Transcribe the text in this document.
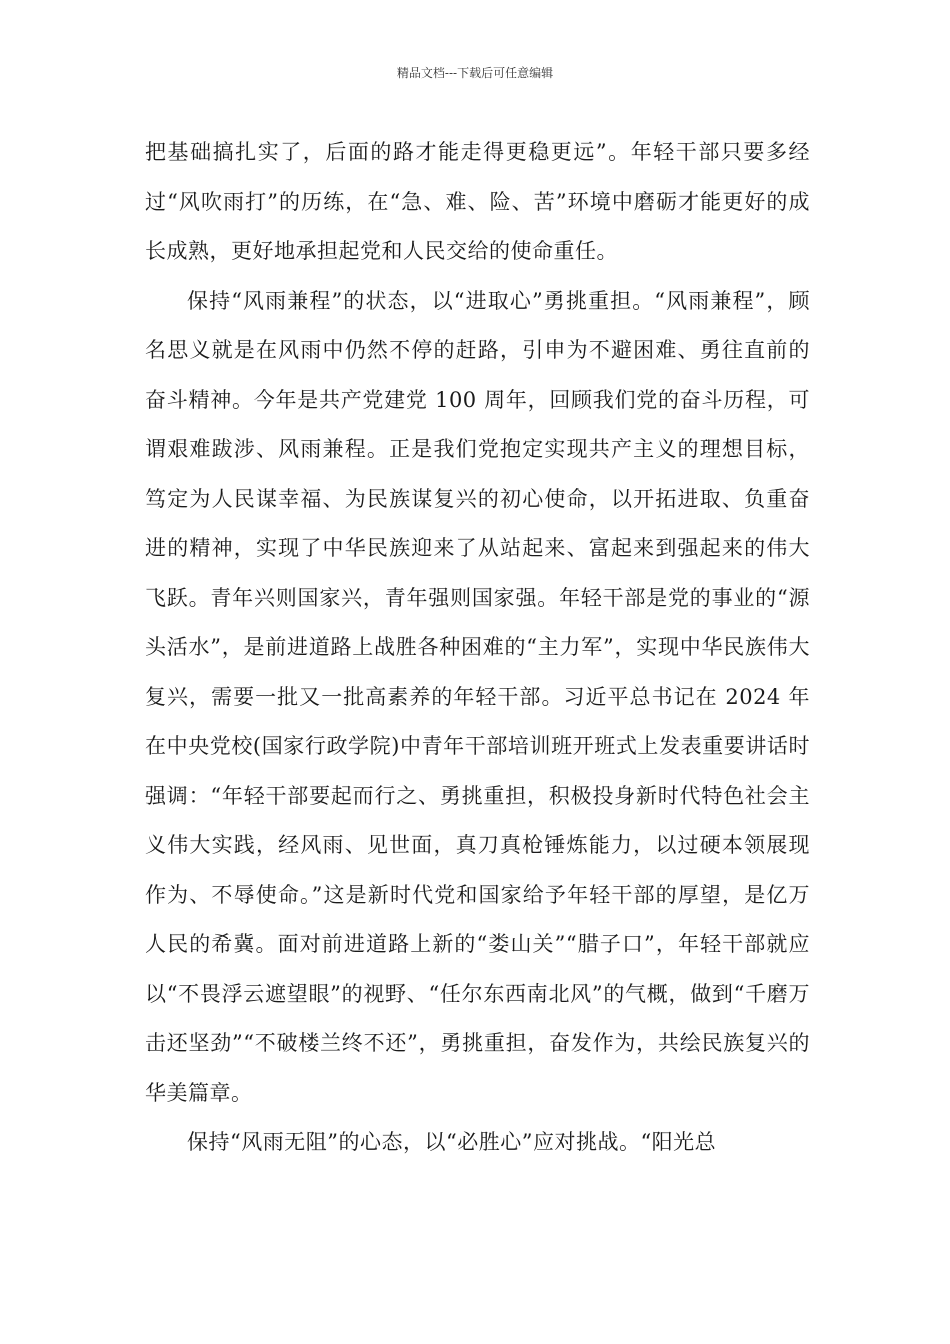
精品文档---下载后可任意编辑

把基础搞扎实了，后面的路才能走得更稳更远”。年轻干部只要多经过“风吹雨打”的历练，在“急、难、险、苦”环境中磨砺才能更好的成长成熟，更好地承担起党和人民交给的使命重任。

保持“风雨兼程”的状态，以“进取心”勇挑重担。“风雨兼程”，顾名思义就是在风雨中仍然不停的赶路，引申为不避困难、勇往直前的奋斗精神。今年是共产党建党 100 周年，回顾我们党的奋斗历程，可谓艰难跋涉、风雨兼程。正是我们党抱定实现共产主义的理想目标，笃定为人民谋幸福、为民族谋复兴的初心使命，以开拓进取、负重奋进的精神，实现了中华民族迎来了从站起来、富起来到强起来的伟大飞跃。青年兴则国家兴，青年强则国家强。年轻干部是党的事业的“源头活水”，是前进道路上战胜各种困难的“主力军”，实现中华民族伟大复兴，需要一批又一批高素养的年轻干部。习近平总书记在 2024 年在中央党校(国家行政学院)中青年干部培训班开班式上发表重要讲话时强调：“年轻干部要起而行之、勇挑重担，积极投身新时代特色社会主义伟大实践，经风雨、见世面，真刀真枪锤炼能力，以过硬本领展现作为、不辱使命。”这是新时代党和国家给予年轻干部的厚望，是亿万人民的希冀。面对前进道路上新的“娄山关”“腊子口”，年轻干部就应以“不畏浮云遮望眼”的视野、“任尔东西南北风”的气概，做到“千磨万击还坚劲”“不破楼兰终不还”，勇挑重担，奋发作为，共绘民族复兴的华美篇章。

保持“风雨无阻”的心态，以“必胜心”应对挑战。“阳光总
